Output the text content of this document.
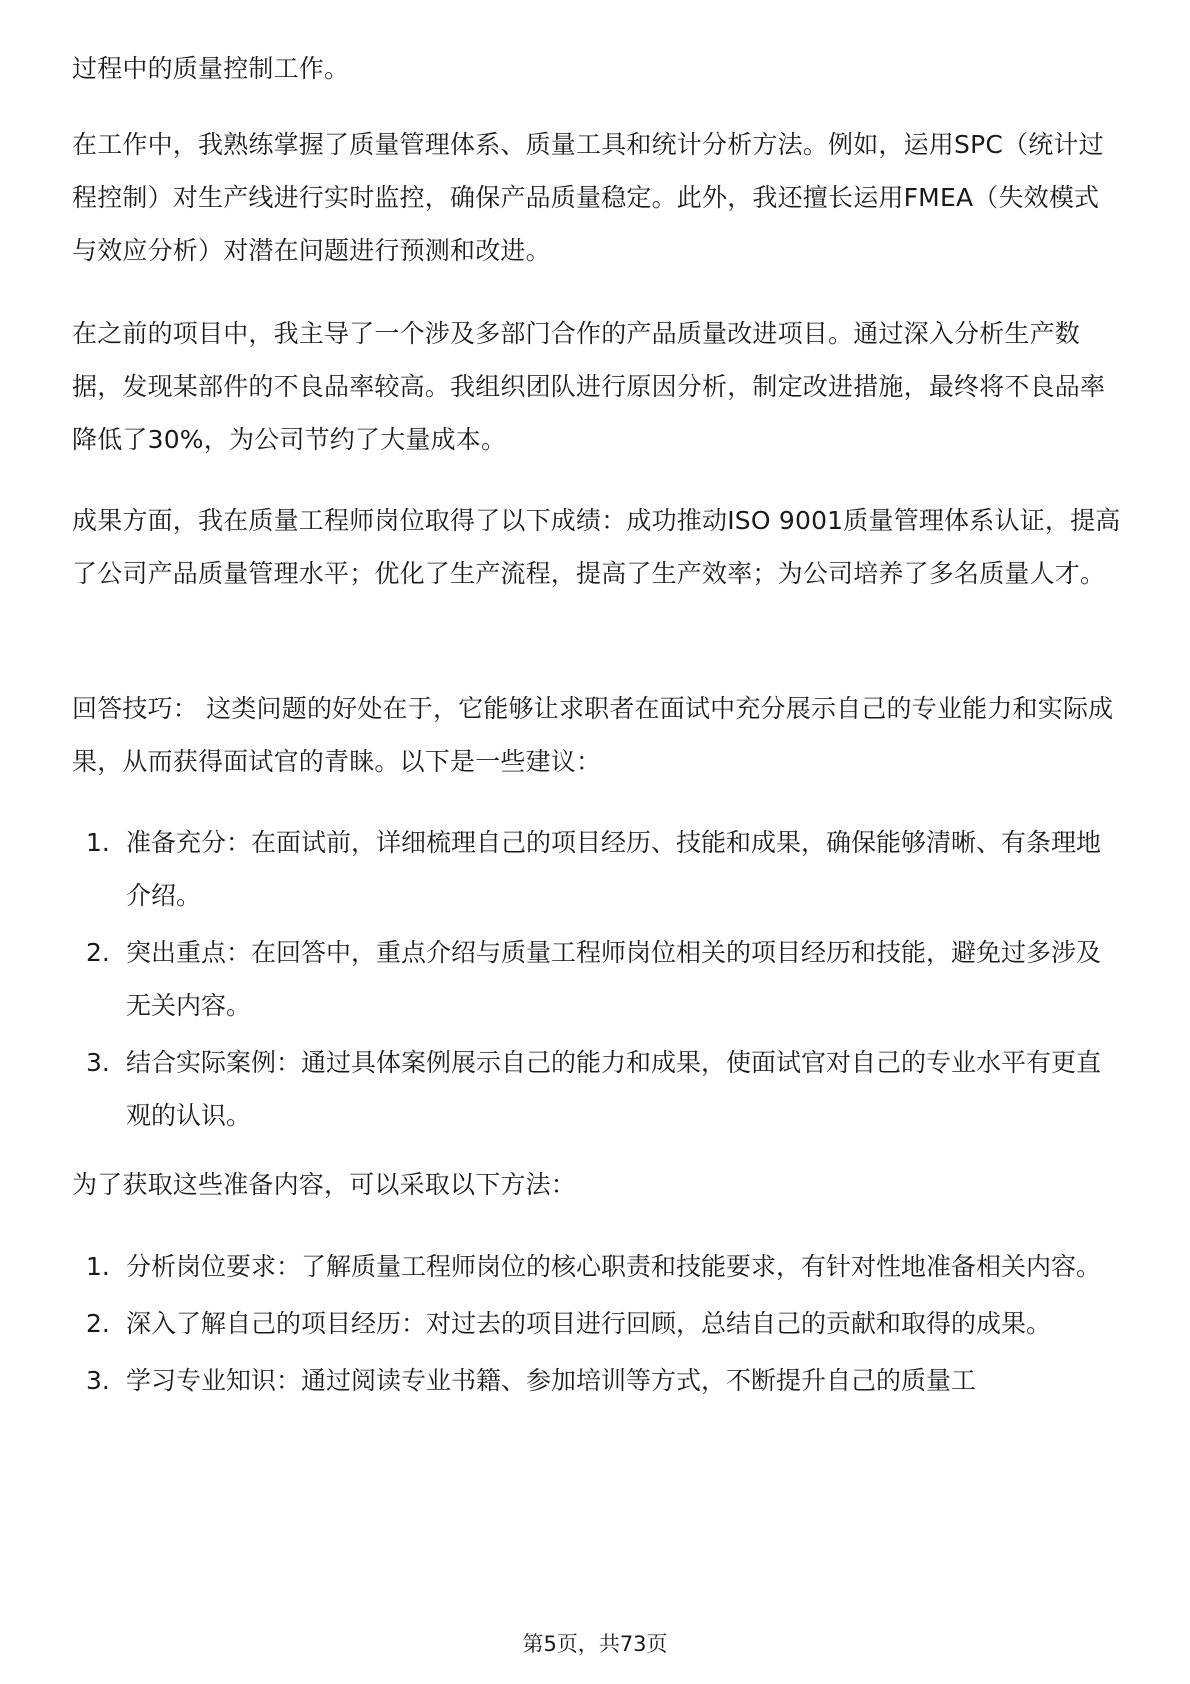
过程中的质量控制工作。

在工作中，我熟练掌握了质量管理体系、质量工具和统计分析方法。例如，运用SPC（统计过程控制）对生产线进行实时监控，确保产品质量稳定。此外，我还擅长运用FMEA（失效模式与效应分析）对潜在问题进行预测和改进。

在之前的项目中，我主导了一个涉及多部门合作的产品质量改进项目。通过深入分析生产数据，发现某部件的不良品率较高。我组织团队进行原因分析，制定改进措施，最终将不良品率降低了30%，为公司节约了大量成本。

成果方面，我在质量工程师岗位取得了以下成绩：成功推动ISO 9001质量管理体系认证，提高了公司产品质量管理水平；优化了生产流程，提高了生产效率；为公司培养了多名质量人才。

回答技巧： 这类问题的好处在于，它能够让求职者在面试中充分展示自己的专业能力和实际成果，从而获得面试官的青睐。以下是一些建议：

1. 准备充分：在面试前，详细梳理自己的项目经历、技能和成果，确保能够清晰、有条理地介绍。
2. 突出重点：在回答中，重点介绍与质量工程师岗位相关的项目经历和技能，避免过多涉及无关内容。
3. 结合实际案例：通过具体案例展示自己的能力和成果，使面试官对自己的专业水平有更直观的认识。

为了获取这些准备内容，可以采取以下方法：

1. 分析岗位要求：了解质量工程师岗位的核心职责和技能要求，有针对性地准备相关内容。
2. 深入了解自己的项目经历：对过去的项目进行回顾，总结自己的贡献和取得的成果。
3. 学习专业知识：通过阅读专业书籍、参加培训等方式，不断提升自己的质量工
第5页，共73页
